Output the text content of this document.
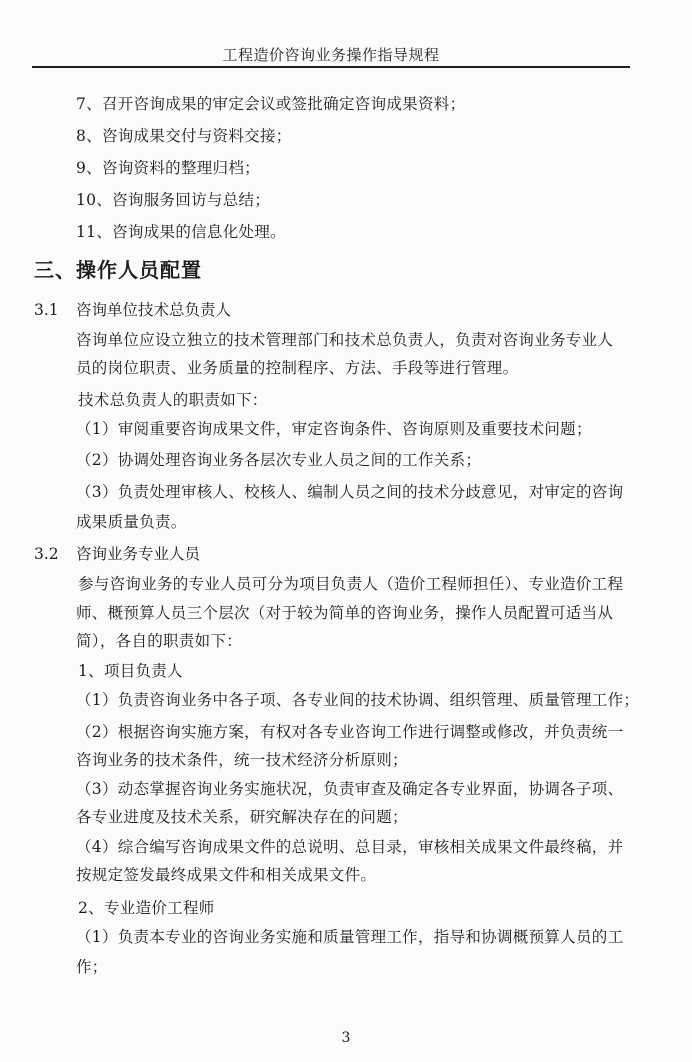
工程造价咨询业务操作指导规程
7、召开咨询成果的审定会议或签批确定咨询成果资料；
8、咨询成果交付与资料交接；
9、咨询资料的整理归档；
10、咨询服务回访与总结；
11、咨询成果的信息化处理。
三、操作人员配置
3.1 咨询单位技术总负责人
咨询单位应设立独立的技术管理部门和技术总负责人，负责对咨询业务专业人
员的岗位职责、业务质量的控制程序、方法、手段等进行管理。
技术总负责人的职责如下：
（1）审阅重要咨询成果文件，审定咨询条件、咨询原则及重要技术问题；
（2）协调处理咨询业务各层次专业人员之间的工作关系；
（3）负责处理审核人、校核人、编制人员之间的技术分歧意见，对审定的咨询
成果质量负责。
3.2 咨询业务专业人员
参与咨询业务的专业人员可分为项目负责人（造价工程师担任）、专业造价工程
师、概预算人员三个层次（对于较为简单的咨询业务，操作人员配置可适当从
简），各自的职责如下：
1、项目负责人
（1）负责咨询业务中各子项、各专业间的技术协调、组织管理、质量管理工作；
（2）根据咨询实施方案，有权对各专业咨询工作进行调整或修改，并负责统一
咨询业务的技术条件，统一技术经济分析原则；
（3）动态掌握咨询业务实施状况，负责审查及确定各专业界面，协调各子项、
各专业进度及技术关系，研究解决存在的问题；
（4）综合编写咨询成果文件的总说明、总目录，审核相关成果文件最终稿，并
按规定签发最终成果文件和相关成果文件。
2、专业造价工程师
（1）负责本专业的咨询业务实施和质量管理工作，指导和协调概预算人员的工
作；
3
